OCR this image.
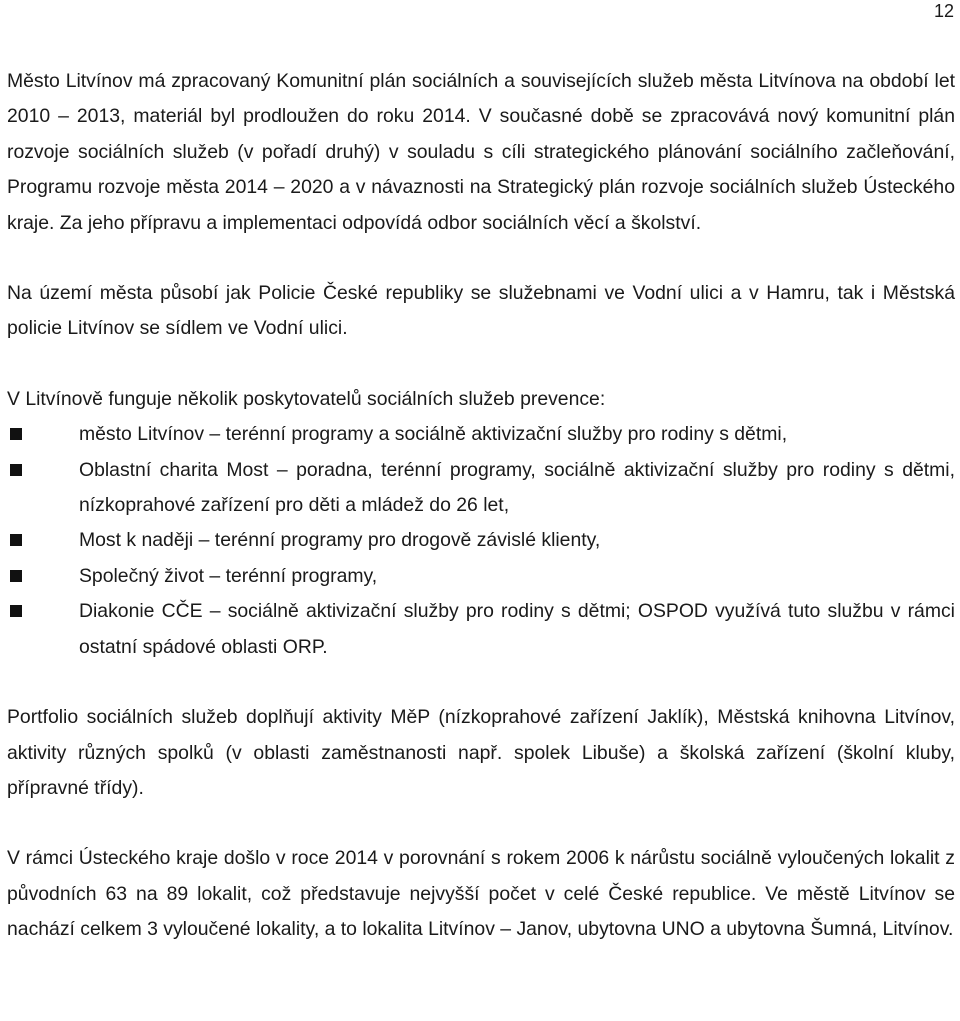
12

Město Litvínov má zpracovaný Komunitní plán sociálních a souvisejících služeb města Litvínova na období let 2010 – 2013, materiál byl prodloužen do roku 2014. V současné době se zpracovává nový komunitní plán rozvoje sociálních služeb (v pořadí druhý) v souladu s cíli strategického plánování sociálního začleňování, Programu rozvoje města 2014 – 2020 a v návaznosti na Strategický plán rozvoje sociálních služeb Ústeckého kraje. Za jeho přípravu a implementaci odpovídá odbor sociálních věcí a školství.

Na území města působí jak Policie České republiky se služebnami ve Vodní ulici a v Hamru, tak i Městská policie Litvínov se sídlem ve Vodní ulici.

V Litvínově funguje několik poskytovatelů sociálních služeb prevence:
město Litvínov – terénní programy a sociálně aktivizační služby pro rodiny s dětmi,
Oblastní charita Most – poradna, terénní programy, sociálně aktivizační služby pro rodiny s dětmi, nízkoprahové zařízení pro děti a mládež do 26 let,
Most k naději – terénní programy pro drogově závislé klienty,
Společný život – terénní programy,
Diakonie CČE – sociálně aktivizační služby pro rodiny s dětmi; OSPOD využívá tuto službu v rámci ostatní spádové oblasti ORP.

Portfolio sociálních služeb doplňují aktivity MěP (nízkoprahové zařízení Jaklík), Městská knihovna Litvínov, aktivity různých spolků (v oblasti zaměstnanosti např. spolek Libuše) a školská zařízení (školní kluby, přípravné třídy).

V rámci Ústeckého kraje došlo v roce 2014 v porovnání s rokem 2006 k nárůstu sociálně vyloučených lokalit z původních 63 na 89 lokalit, což představuje nejvyšší počet v celé České republice. Ve městě Litvínov se nachází celkem 3 vyloučené lokality, a to lokalita Litvínov – Janov, ubytovna UNO a ubytovna Šumná, Litvínov.
